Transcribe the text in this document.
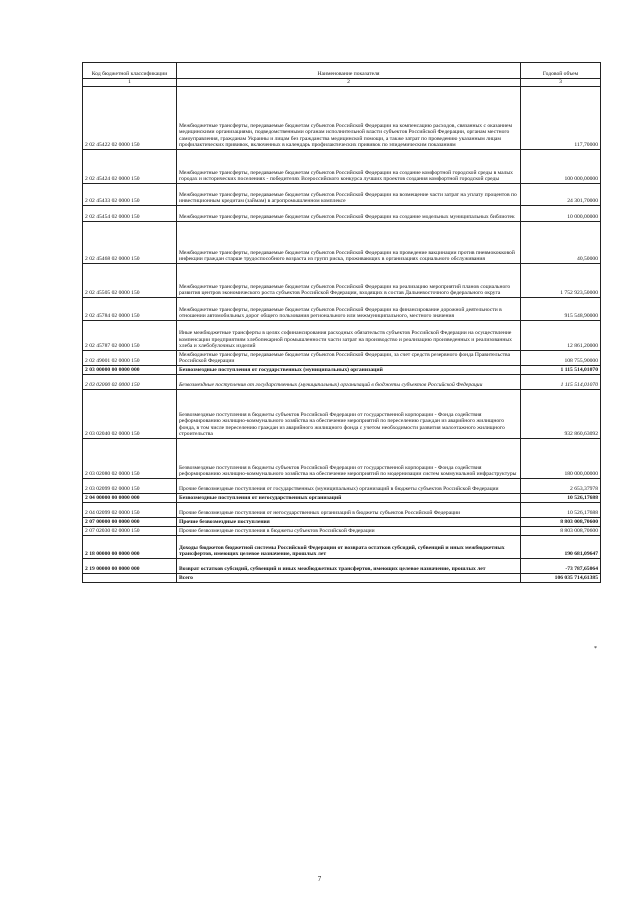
Код бюджетной классификации	Наименование показателя	Годовой объем
1	2	3
2 02 45422 02 0000 150	Межбюджетные трансферты, передаваемые бюджетам субъектов Российской Федерации на компенсацию расходов, связанных с оказанием медицинскими организациями, подведомственными органам исполнительной власти субъектов Российской Федерации, органам местного самоуправления, гражданам Украины и лицам без гражданства медицинской помощи, а также затрат по проведению указанным лицам профилактических прививок, включенных в календарь профилактических прививок по эпидемическим показаниям	117,70000
2 02 45424 02 0000 150	Межбюджетные трансферты, передаваемые бюджетам субъектов Российской Федерации на создание комфортной городской среды в малых городах и исторических поселениях - победителях Всероссийского конкурса лучших проектов создания комфортной городской среды	100 000,00000
2 02 45433 02 0000 150	Межбюджетные трансферты, передаваемые бюджетам субъектов Российской Федерации на возмещение части затрат на уплату процентов по инвестиционным кредитам (займам) в агропромышленном комплексе	24 301,70000
2 02 45454 02 0000 150	Межбюджетные трансферты, передаваемые бюджетам субъектов Российской Федерации на создание модельных муниципальных библиотек	10 000,00000
2 02 45468 02 0000 150	Межбюджетные трансферты, передаваемые бюджетам субъектов Российской Федерации на проведение вакцинации против пневмококковой инфекции граждан старше трудоспособного возраста из групп риска, проживающих в организациях социального обслуживания	40,50000
2 02 45505 02 0000 150	Межбюджетные трансферты, передаваемые бюджетам субъектов Российской Федерации на реализацию мероприятий планов социального развития центров экономического роста субъектов Российской Федерации, входящих в состав Дальневосточного федерального округа	1 752 923,50000
2 02 45784 02 0000 150	Межбюджетные трансферты, передаваемые бюджетам субъектов Российской Федерации на финансирование дорожной деятельности в отношении автомобильных дорог общего пользования регионального или межмуниципального, местного значения	915 548,90000
2 02 45787 02 0000 150	Иные межбюджетные трансферты в целях софинансирования расходных обязательств субъектов Российской Федерации на осуществление компенсации предприятиям хлебопекарной промышленности части затрат на производство и реализацию произведенных и реализованных хлеба и хлебобулочных изделий	12 861,20000
2 02 49001 02 0000 150	Межбюджетные трансферты, передаваемые бюджетам субъектов Российской Федерации, за счет средств резервного фонда Правительства Российской Федерации	108 755,90000
2 03 00000 00 0000 000	Безвозмездные поступления от государственных (муниципальных) организаций	1 115 514,01070
2 03 02000 02 0000 150	Безвозмездные поступления от государственных (муниципальных) организаций в бюджеты субъектов Российской Федерации	1 115 514,01070
2 03 02040 02 0000 150	Безвозмездные поступления в бюджеты субъектов Российской Федерации от государственной корпорации - Фонда содействия реформированию жилищно-коммунального хозяйства на обеспечение мероприятий по переселению граждан из аварийного жилищного фонда, в том числе переселению граждан из аварийного жилищного фонда с учетом необходимости развития малоэтажного жилищного строительства	932 860,63092
2 03 02080 02 0000 150	Безвозмездные поступления в бюджеты субъектов Российской Федерации от государственной корпорации - Фонда содействия реформированию жилищно-коммунального хозяйства на обеспечение мероприятий по модернизации систем коммунальной инфраструктуры	180 000,00000
2 03 02099 02 0000 150	Прочие безвозмездные поступления от государственных (муниципальных) организаций в бюджеты субъектов Российской Федерации	2 653,37978
2 04 00000 00 0000 000	Безвозмездные поступления от негосударственных организаций	10 526,17688
2 04 02099 02 0000 150	Прочие безвозмездные поступления от негосударственных организаций в бюджеты субъектов Российской Федерации	10 526,17688
2 07 00000 00 0000 000	Прочие безвозмездные поступления	8 803 008,70600
2 07 02030 02 0000 150	Прочие безвозмездные поступления в бюджеты субъектов Российской Федерации	8 803 008,70600
2 18 00000 00 0000 000	Доходы бюджетов бюджетной системы Российской Федерации от возврата остатков субсидий, субвенций и иных межбюджетных трансфертов, имеющих целевое назначение, прошлых лет	190 681,09647
2 19 00000 00 0000 000	Возврат остатков субсидий, субвенций и иных межбюджетных трансфертов, имеющих целевое назначение, прошлых лет	-73 787,65064
	Всего	106 035 714,61385
*
7
